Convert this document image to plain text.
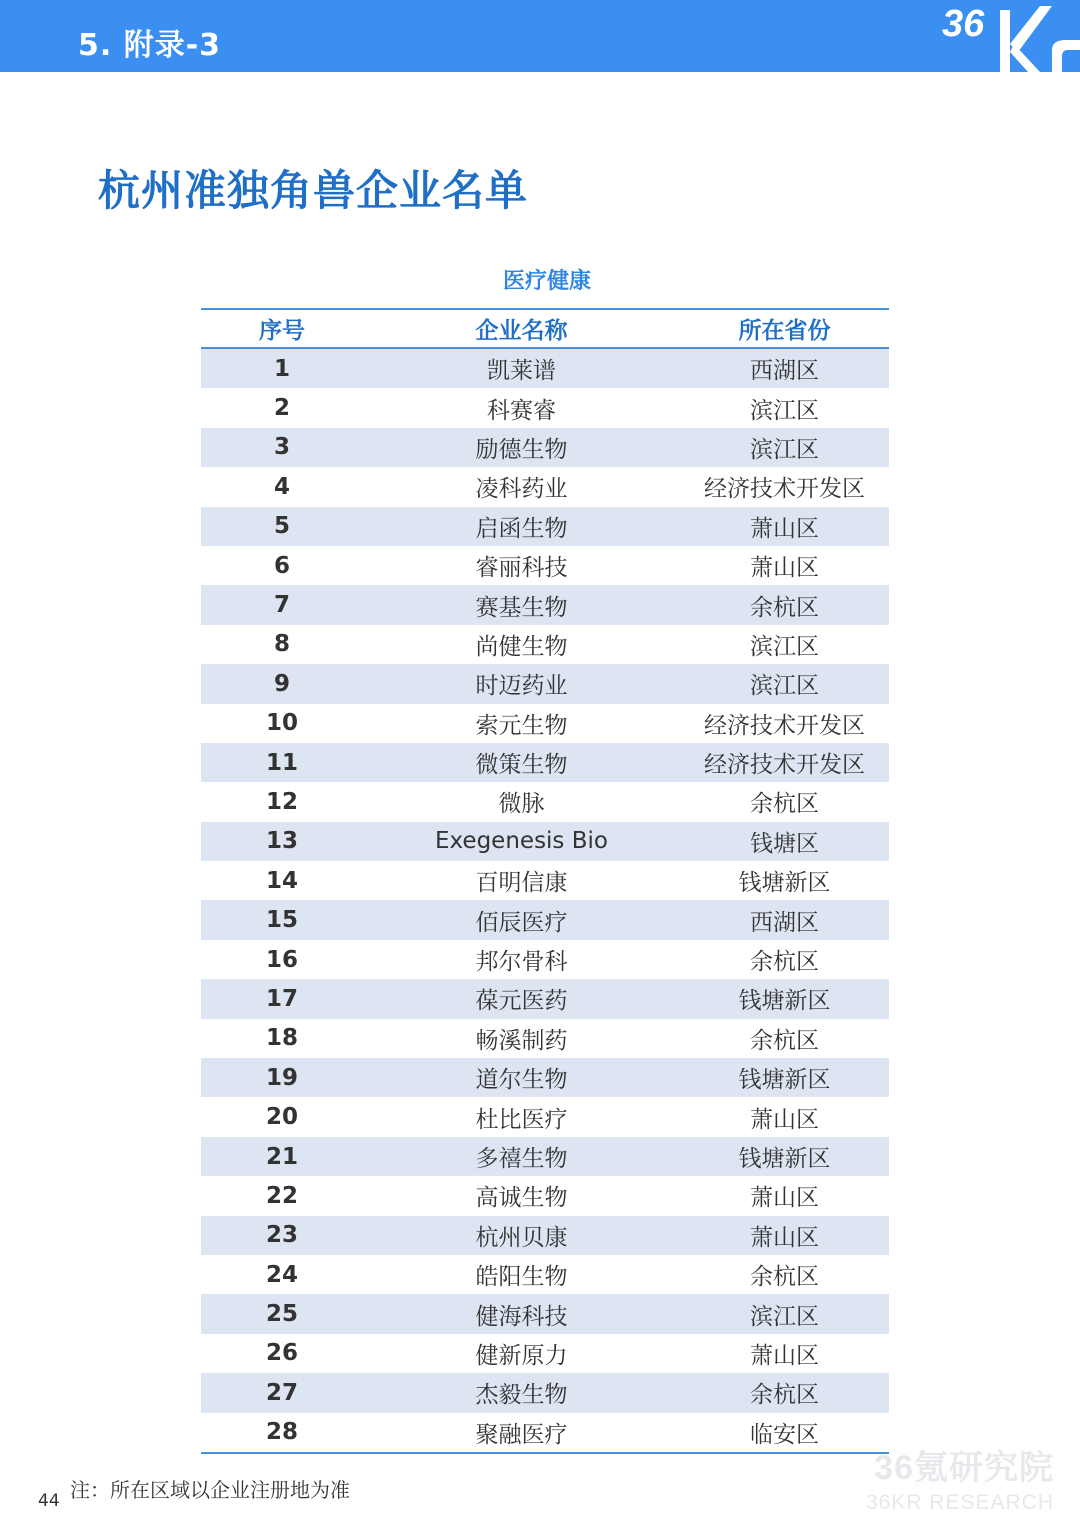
5. 附录-3
36
杭州准独角兽企业名单
医疗健康
序号	企业名称	所在省份
1	凯莱谱	西湖区
2	科赛睿	滨江区
3	励德生物	滨江区
4	凌科药业	经济技术开发区
5	启函生物	萧山区
6	睿丽科技	萧山区
7	赛基生物	余杭区
8	尚健生物	滨江区
9	时迈药业	滨江区
10	索元生物	经济技术开发区
11	微策生物	经济技术开发区
12	微脉	余杭区
13	Exegenesis Bio	钱塘区
14	百明信康	钱塘新区
15	佰辰医疗	西湖区
16	邦尔骨科	余杭区
17	葆元医药	钱塘新区
18	畅溪制药	余杭区
19	道尔生物	钱塘新区
20	杜比医疗	萧山区
21	多禧生物	钱塘新区
22	高诚生物	萧山区
23	杭州贝康	萧山区
24	皓阳生物	余杭区
25	健海科技	滨江区
26	健新原力	萧山区
27	杰毅生物	余杭区
28	聚融医疗	临安区
注：所在区域以企业注册地为准
44
36氪研究院
36KR RESEARCH
